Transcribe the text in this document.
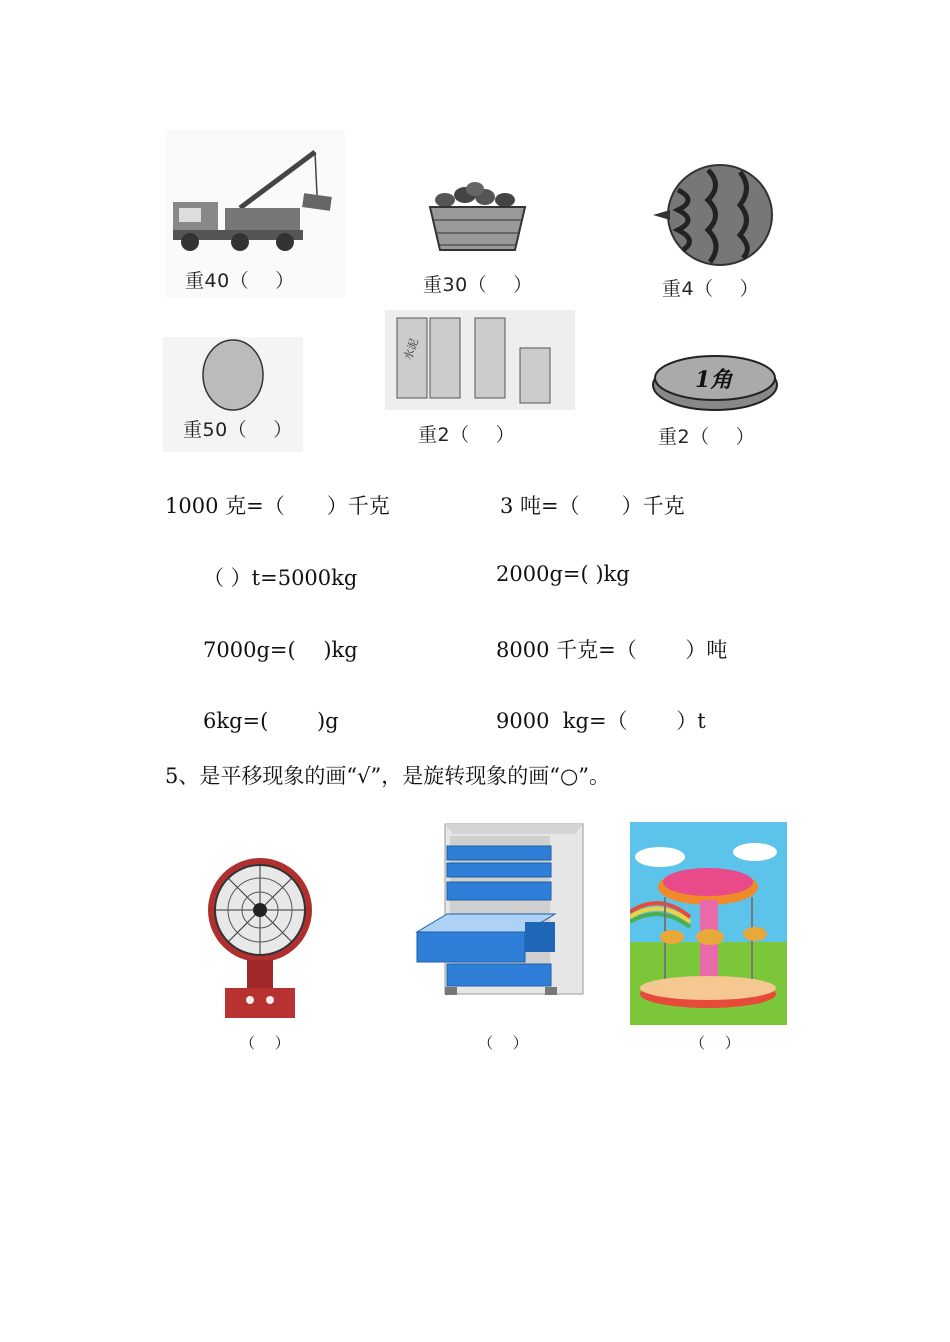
重40（　 ）	重30（　 ）	重4（　 ）
重50（　 ）
水泥
重2（　 ）
1角
重2（　 ）
1000 克=（　　）千克	3 吨=（　　）千克
（ ）t=5000kg	2000g=( )kg
7000g=(　 )kg	8000 千克=（　　 ）吨
6kg=(　　 )g	9000  kg=（　　 ）t
5、是平移现象的画“√”，是旋转现象的画“○”。
（　 ）	（　 ）	（　 ）
